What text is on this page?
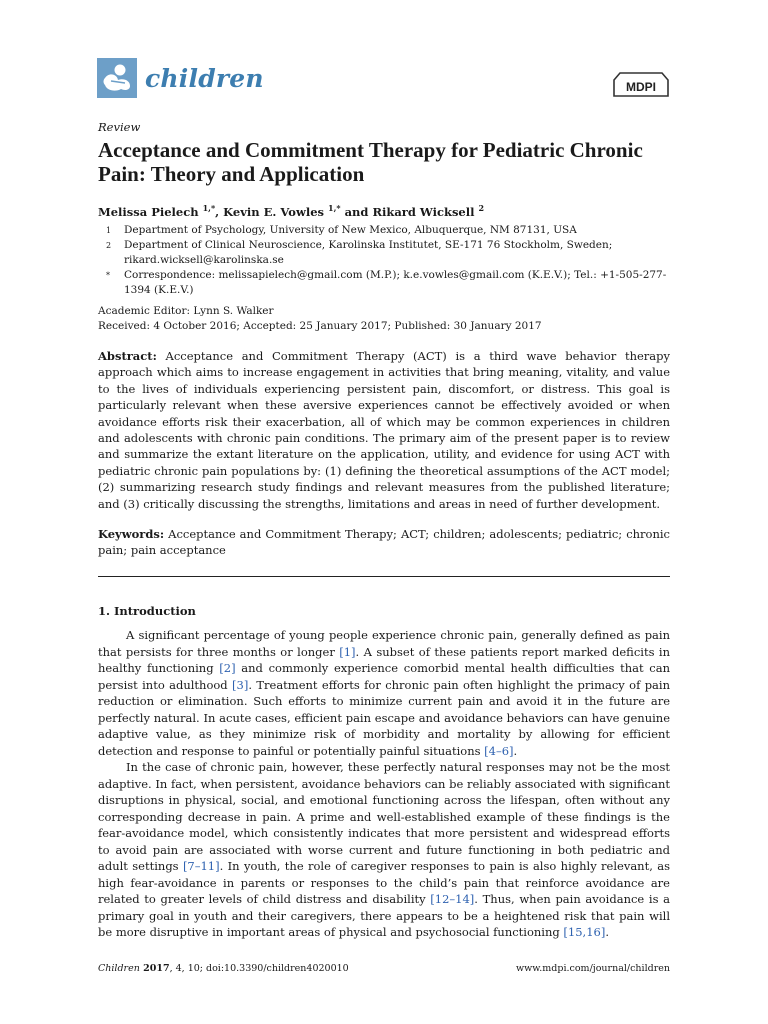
children	MDPI
Review
Acceptance and Commitment Therapy for Pediatric Chronic Pain: Theory and Application
Melissa Pielech $^{1,*}$, Kevin E. Vowles $^{1,*}$ and Rikard Wicksell $^2$
1	Department of Psychology, University of New Mexico, Albuquerque, NM 87131, USA
2	Department of Clinical Neuroscience, Karolinska Institutet, SE-171 76 Stockholm, Sweden; rikard.wicksell@karolinska.se
*	Correspondence: melissapielech@gmail.com (M.P.); k.e.vowles@gmail.com (K.E.V.); Tel.: +1-505-277-1394 (K.E.V.)
Academic Editor: Lynn S. Walker
Received: 4 October 2016; Accepted: 25 January 2017; Published: 30 January 2017
Abstract: Acceptance and Commitment Therapy (ACT) is a third wave behavior therapy approach which aims to increase engagement in activities that bring meaning, vitality, and value to the lives of individuals experiencing persistent pain, discomfort, or distress. This goal is particularly relevant when these aversive experiences cannot be effectively avoided or when avoidance efforts risk their exacerbation, all of which may be common experiences in children and adolescents with chronic pain conditions. The primary aim of the present paper is to review and summarize the extant literature on the application, utility, and evidence for using ACT with pediatric chronic pain populations by: (1) defining the theoretical assumptions of the ACT model; (2) summarizing research study findings and relevant measures from the published literature; and (3) critically discussing the strengths, limitations and areas in need of further development.
Keywords: Acceptance and Commitment Therapy; ACT; children; adolescents; pediatric; chronic pain; pain acceptance
1. Introduction

A significant percentage of young people experience chronic pain, generally defined as pain that persists for three months or longer [1]. A subset of these patients report marked deficits in healthy functioning [2] and commonly experience comorbid mental health difficulties that can persist into adulthood [3]. Treatment efforts for chronic pain often highlight the primacy of pain reduction or elimination. Such efforts to minimize current pain and avoid it in the future are perfectly natural. In acute cases, efficient pain escape and avoidance behaviors can have genuine adaptive value, as they minimize risk of morbidity and mortality by allowing for efficient detection and response to painful or potentially painful situations [4–6].

In the case of chronic pain, however, these perfectly natural responses may not be the most adaptive. In fact, when persistent, avoidance behaviors can be reliably associated with significant disruptions in physical, social, and emotional functioning across the lifespan, often without any corresponding decrease in pain. A prime and well-established example of these findings is the fear-avoidance model, which consistently indicates that more persistent and widespread efforts to avoid pain are associated with worse current and future functioning in both pediatric and adult settings [7–11]. In youth, the role of caregiver responses to pain is also highly relevant, as high fear-avoidance in parents or responses to the child’s pain that reinforce avoidance are related to greater levels of child distress and disability [12–14]. Thus, when pain avoidance is a primary goal in youth and their caregivers, there appears to be a heightened risk that pain will be more disruptive in important areas of physical and psychosocial functioning [15,16].

Children 2017, 4, 10; doi:10.3390/children4020010	www.mdpi.com/journal/children
